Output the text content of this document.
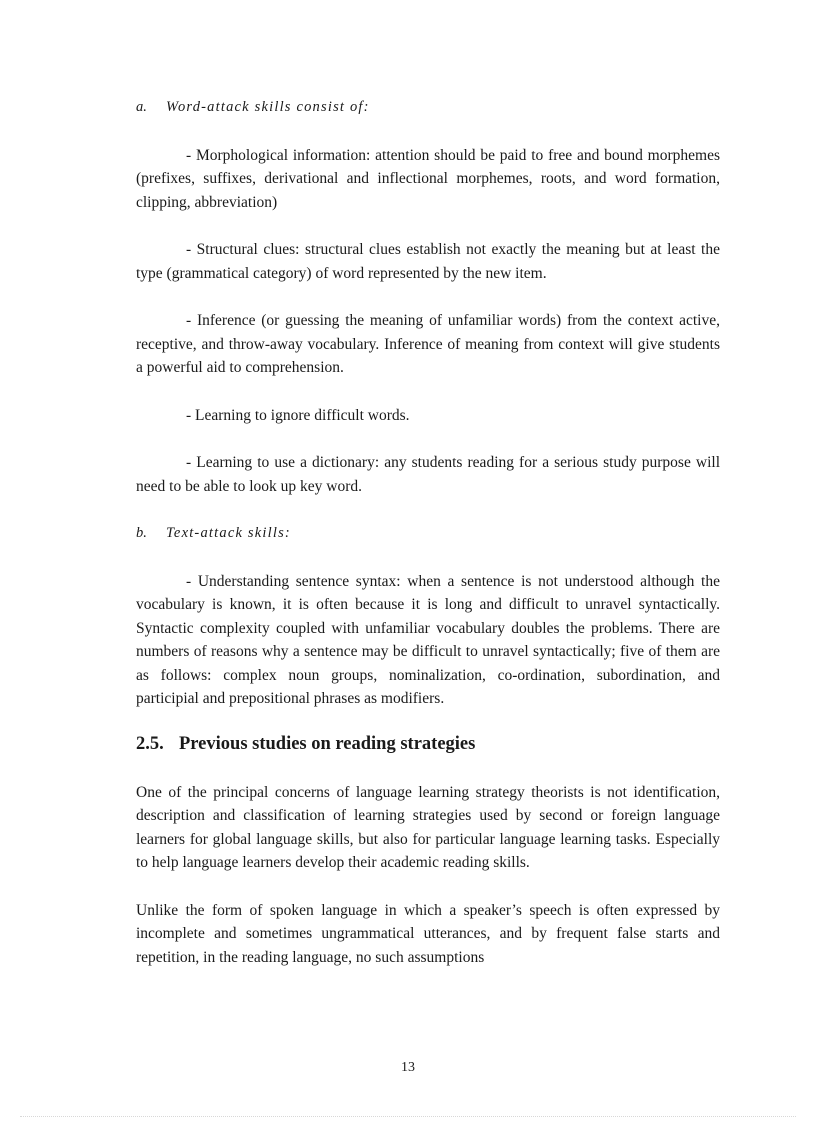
a. Word-attack skills consist of:

- Morphological information: attention should be paid to free and bound morphemes (prefixes, suffixes, derivational and inflectional morphemes, roots, and word formation, clipping, abbreviation)

- Structural clues: structural clues establish not exactly the meaning but at least the type (grammatical category) of word represented by the new item.

- Inference (or guessing the meaning of unfamiliar words) from the context active, receptive, and throw-away vocabulary. Inference of meaning from context will give students a powerful aid to comprehension.

- Learning to ignore difficult words.

- Learning to use a dictionary: any students reading for a serious study purpose will need to be able to look up key word.

b. Text-attack skills:

- Understanding sentence syntax: when a sentence is not understood although the vocabulary is known, it is often because it is long and difficult to unravel syntactically. Syntactic complexity coupled with unfamiliar vocabulary doubles the problems. There are numbers of reasons why a sentence may be difficult to unravel syntactically; five of them are as follows: complex noun groups, nominalization, co-ordination, subordination, and participial and prepositional phrases as modifiers.

2.5. Previous studies on reading strategies

One of the principal concerns of language learning strategy theorists is not identification, description and classification of learning strategies used by second or foreign language learners for global language skills, but also for particular language learning tasks. Especially to help language learners develop their academic reading skills.

Unlike the form of spoken language in which a speaker’s speech is often expressed by incomplete and sometimes ungrammatical utterances, and by frequent false starts and repetition, in the reading language, no such assumptions

13
